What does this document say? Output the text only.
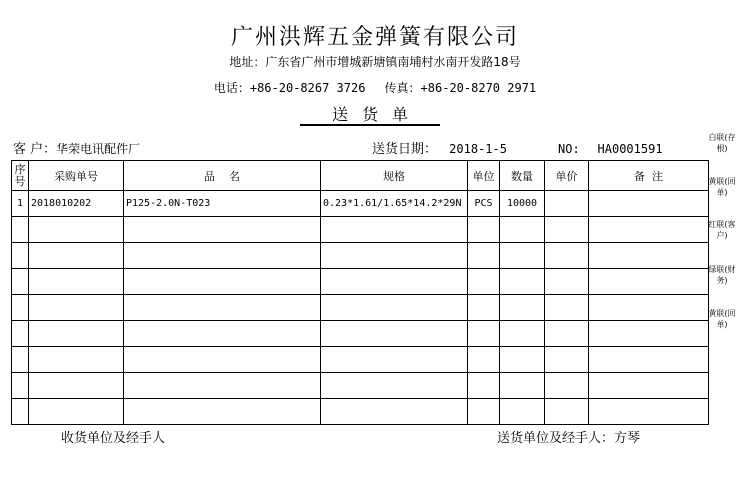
广州洪辉五金弹簧有限公司
地址：广东省广州市增城新塘镇南埔村水南开发路18号
电话：+86-20-8267 3726 传真：+86-20-8270 2971
送货单
客 户：华荣电讯配件厂	送货日期： 2018-1-5	NO: HA0001591
白联(存根)
黄联(回单)
红联(客户)
绿联(财务)
黄联(回单)
序号	采购单号	品    名	规格	单位	数量	单价	备  注
1	2018010202	P125-2.0N-T023	0.23*1.61/1.65*14.2*29N	PCS	10000		

收货单位及经手人	送货单位及经手人：方琴
